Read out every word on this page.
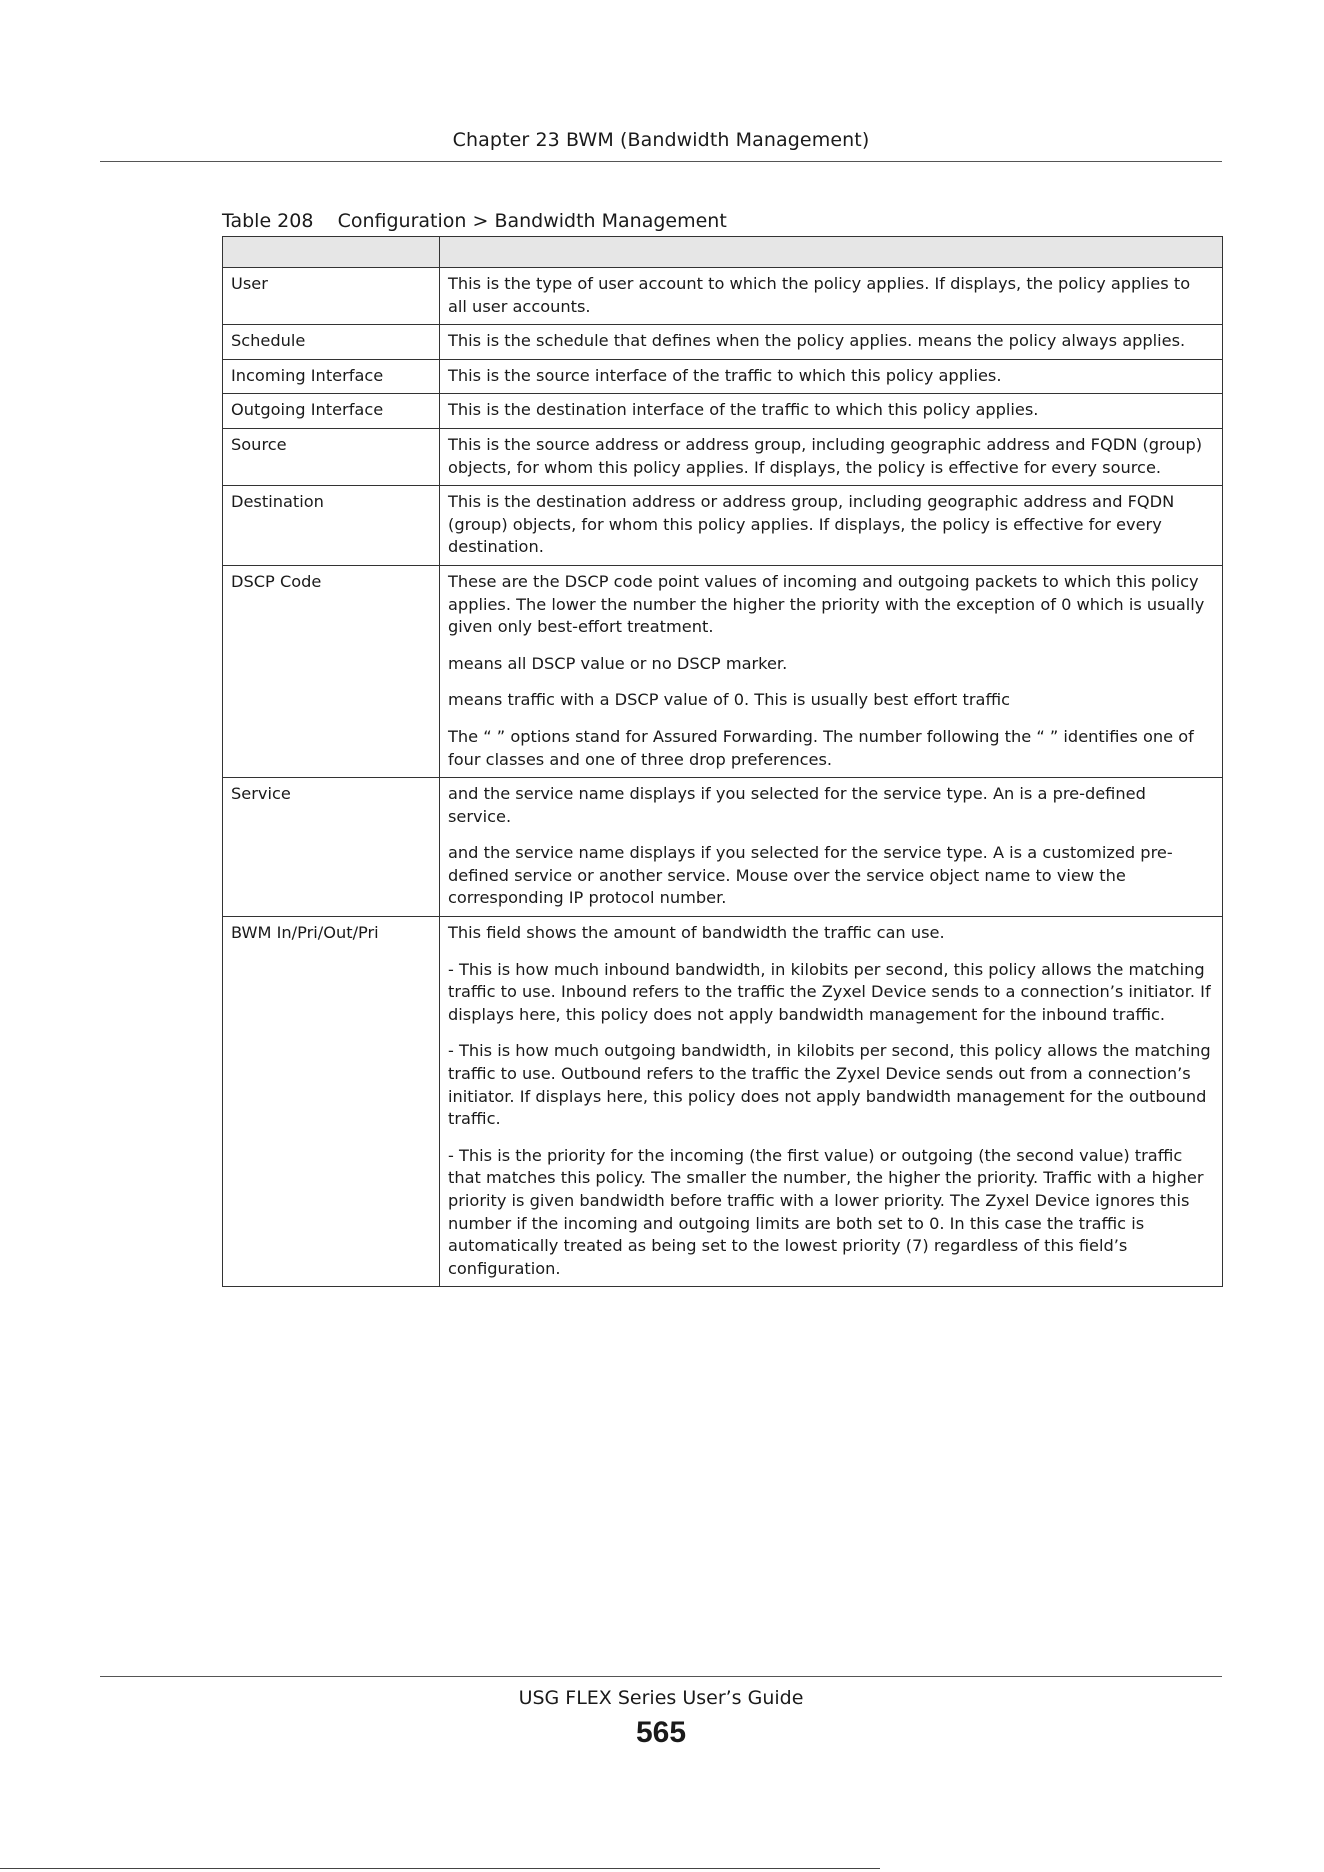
Chapter 23 BWM (Bandwidth Management)
Table 208    Configuration > Bandwidth Management

User	This is the type of user account to which the policy applies. If displays, the policy applies to all user accounts.

Schedule	This is the schedule that defines when the policy applies. means the policy always applies.

Incoming Interface	This is the source interface of the traffic to which this policy applies.

Outgoing Interface	This is the destination interface of the traffic to which this policy applies.

Source	This is the source address or address group, including geographic address and FQDN (group) objects, for whom this policy applies. If displays, the policy is effective for every source.

Destination	This is the destination address or address group, including geographic address and FQDN (group) objects, for whom this policy applies. If displays, the policy is effective for every destination.

DSCP Code	These are the DSCP code point values of incoming and outgoing packets to which this policy applies. The lower the number the higher the priority with the exception of 0 which is usually given only best-effort treatment.

means all DSCP value or no DSCP marker.

means traffic with a DSCP value of 0. This is usually best effort traffic

The “ ” options stand for Assured Forwarding. The number following the “ ” identifies one of four classes and one of three drop preferences.

Service	and the service name displays if you selected for the service type. An is a pre-defined service.

and the service name displays if you selected for the service type. A is a customized pre-defined service or another service. Mouse over the service object name to view the corresponding IP protocol number.

BWM In/Pri/Out/Pri	This field shows the amount of bandwidth the traffic can use.

- This is how much inbound bandwidth, in kilobits per second, this policy allows the matching traffic to use. Inbound refers to the traffic the Zyxel Device sends to a connection’s initiator. If displays here, this policy does not apply bandwidth management for the inbound traffic.

- This is how much outgoing bandwidth, in kilobits per second, this policy allows the matching traffic to use. Outbound refers to the traffic the Zyxel Device sends out from a connection’s initiator. If displays here, this policy does not apply bandwidth management for the outbound traffic.

- This is the priority for the incoming (the first value) or outgoing (the second value) traffic that matches this policy. The smaller the number, the higher the priority. Traffic with a higher priority is given bandwidth before traffic with a lower priority. The Zyxel Device ignores this number if the incoming and outgoing limits are both set to 0. In this case the traffic is automatically treated as being set to the lowest priority (7) regardless of this field’s configuration.

USG FLEX Series User’s Guide
565
